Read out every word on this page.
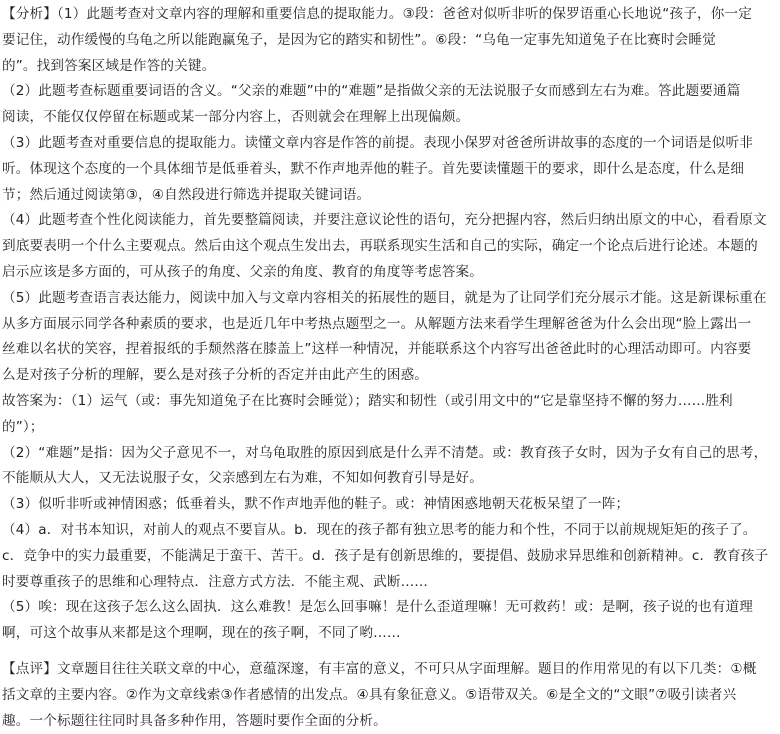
【分析】（1）此题考查对文章内容的理解和重要信息的提取能力。③段：爸爸对似听非听的保罗语重心长地说“孩子，你一定
要记住，动作缓慢的乌龟之所以能跑赢兔子，是因为它的踏实和韧性”。⑥段：“乌龟一定事先知道兔子在比赛时会睡觉
的”。找到答案区域是作答的关键。
（2）此题考查标题重要词语的含义。“父亲的难题”中的“难题”是指做父亲的无法说服子女而感到左右为难。答此题要通篇
阅读，不能仅仅停留在标题或某一部分内容上，否则就会在理解上出现偏颇。
（3）此题考查对重要信息的提取能力。读懂文章内容是作答的前提。表现小保罗对爸爸所讲故事的态度的一个词语是似听非
听。体现这个态度的一个具体细节是低垂着头，默不作声地弄他的鞋子。首先要读懂题干的要求，即什么是态度，什么是细
节；然后通过阅读第③，④自然段进行筛选并提取关键词语。
（4）此题考查个性化阅读能力，首先要整篇阅读，并要注意议论性的语句，充分把握内容，然后归纳出原文的中心，看看原文
到底要表明一个什么主要观点。然后由这个观点生发出去，再联系现实生活和自己的实际，确定一个论点后进行论述。本题的
启示应该是多方面的，可从孩子的角度、父亲的角度、教育的角度等考虑答案。
（5）此题考查语言表达能力，阅读中加入与文章内容相关的拓展性的题目，就是为了让同学们充分展示才能。这是新课标重在
从多方面展示同学各种素质的要求，也是近几年中考热点题型之一。从解题方法来看学生理解爸爸为什么会出现“脸上露出一
丝难以名状的笑容，捏着报纸的手颓然落在膝盖上”这样一种情况，并能联系这个内容写出爸爸此时的心理活动即可。内容要
么是对孩子分析的理解，要么是对孩子分析的否定并由此产生的困惑。
故答案为：（1）运气（或：事先知道兔子在比赛时会睡觉）；踏实和韧性（或引用文中的“它是靠坚持不懈的努力……胜利
的”）；
（2）“难题”是指：因为父子意见不一，对乌龟取胜的原因到底是什么弄不清楚。或：教育孩子女时，因为子女有自己的思考，
不能顺从大人，又无法说服子女，父亲感到左右为难，不知如何教育引导是好。
（3）似听非听或神情困惑；低垂着头，默不作声地弄他的鞋子。或：神情困惑地朝天花板呆望了一阵；
（4）a．对书本知识，对前人的观点不要盲从。b．现在的孩子都有独立思考的能力和个性，不同于以前规规矩矩的孩子了。
c．竞争中的实力最重要，不能满足于蛮干、苦干。d．孩子是有创新思维的，要提倡、鼓励求异思维和创新精神。c．教育孩子
时要尊重孩子的思维和心理特点．注意方式方法．不能主观、武断……
（5）唉：现在这孩子怎么这么固执．这么难教！是怎么回事嘛！是什么歪道理嘛！无可救药！或：是啊，孩子说的也有道理
啊，可这个故事从来都是这个理啊，现在的孩子啊，不同了哟……
【点评】文章题目往往关联文章的中心，意蕴深邃，有丰富的意义，不可只从字面理解。题目的作用常见的有以下几类：①概
括文章的主要内容。②作为文章线索③作者感情的出发点。④具有象征意义。⑤语带双关。⑥是全文的“文眼”⑦吸引读者兴
趣。一个标题往往同时具备多种作用，答题时要作全面的分析。
